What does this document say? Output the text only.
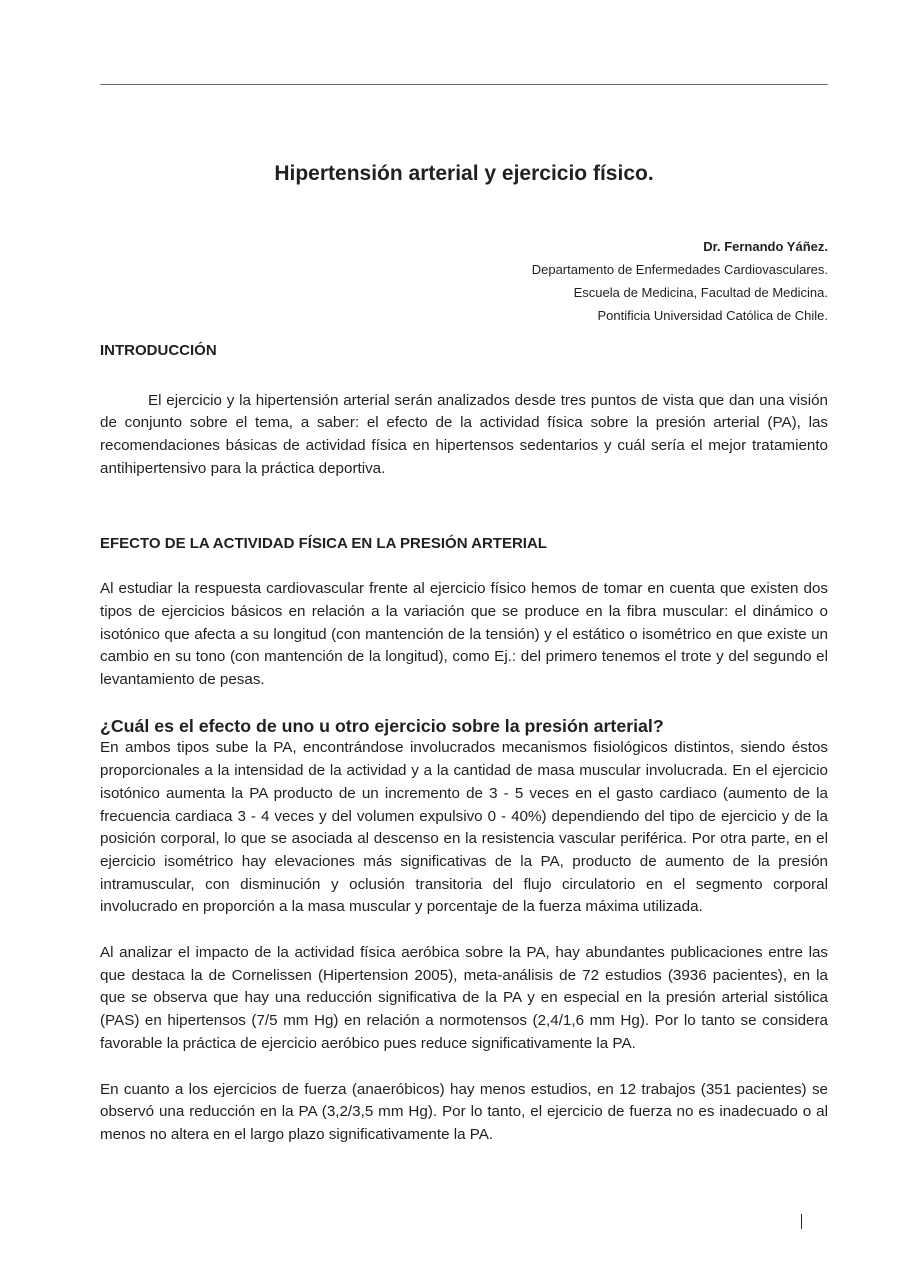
Hipertensión arterial y ejercicio físico.
Dr. Fernando Yáñez.
Departamento de Enfermedades Cardiovasculares.
Escuela de Medicina, Facultad de Medicina.
Pontificia Universidad Católica de Chile.
INTRODUCCIÓN

El ejercicio y la hipertensión arterial serán analizados desde tres puntos de vista que dan una visión de conjunto sobre el tema, a saber: el efecto de la actividad física sobre la presión arterial (PA), las recomendaciones básicas de actividad física en hipertensos sedentarios y cuál sería el mejor tratamiento antihipertensivo para la práctica deportiva.

EFECTO DE LA ACTIVIDAD FÍSICA EN LA PRESIÓN ARTERIAL

Al estudiar la respuesta cardiovascular frente al ejercicio físico hemos de tomar en cuenta que existen dos tipos de ejercicios básicos en relación a la variación que se produce en la fibra muscular: el dinámico o isotónico que afecta a su longitud (con mantención de la tensión) y el estático o isométrico en que existe un cambio en su tono (con mantención de la longitud), como Ej.: del primero tenemos el trote y del segundo el levantamiento de pesas.

¿Cuál es el efecto de uno u otro ejercicio sobre la presión arterial?

En ambos tipos sube la PA, encontrándose involucrados mecanismos fisiológicos distintos, siendo éstos proporcionales a la intensidad de la actividad y a la cantidad de masa muscular involucrada. En el ejercicio isotónico aumenta la PA producto de un incremento de 3 - 5 veces en el gasto cardiaco (aumento de la frecuencia cardiaca 3 - 4 veces y del volumen expulsivo 0 - 40%) dependiendo del tipo de ejercicio y de la posición corporal, lo que se asociada al descenso en la resistencia vascular periférica. Por otra parte, en el ejercicio isométrico hay elevaciones más significativas de la PA, producto de aumento de la presión intramuscular, con disminución y oclusión transitoria del flujo circulatorio en el segmento corporal involucrado en proporción a la masa muscular y porcentaje de la fuerza máxima utilizada.

Al analizar el impacto de la actividad física aeróbica sobre la PA, hay abundantes publicaciones entre las que destaca la de Cornelissen (Hipertension 2005), meta-análisis de 72 estudios (3936 pacientes), en la que se observa que hay una reducción significativa de la PA y en especial en la presión arterial sistólica (PAS) en hipertensos (7/5 mm Hg) en relación a normotensos (2,4/1,6 mm Hg). Por lo tanto se considera favorable la práctica de ejercicio aeróbico pues reduce significativamente la PA.

En cuanto a los ejercicios de fuerza (anaeróbicos) hay menos estudios, en 12 trabajos (351 pacientes) se observó una reducción en la PA (3,2/3,5 mm Hg). Por lo tanto, el ejercicio de fuerza no es inadecuado o al menos no altera en el largo plazo significativamente la PA.
